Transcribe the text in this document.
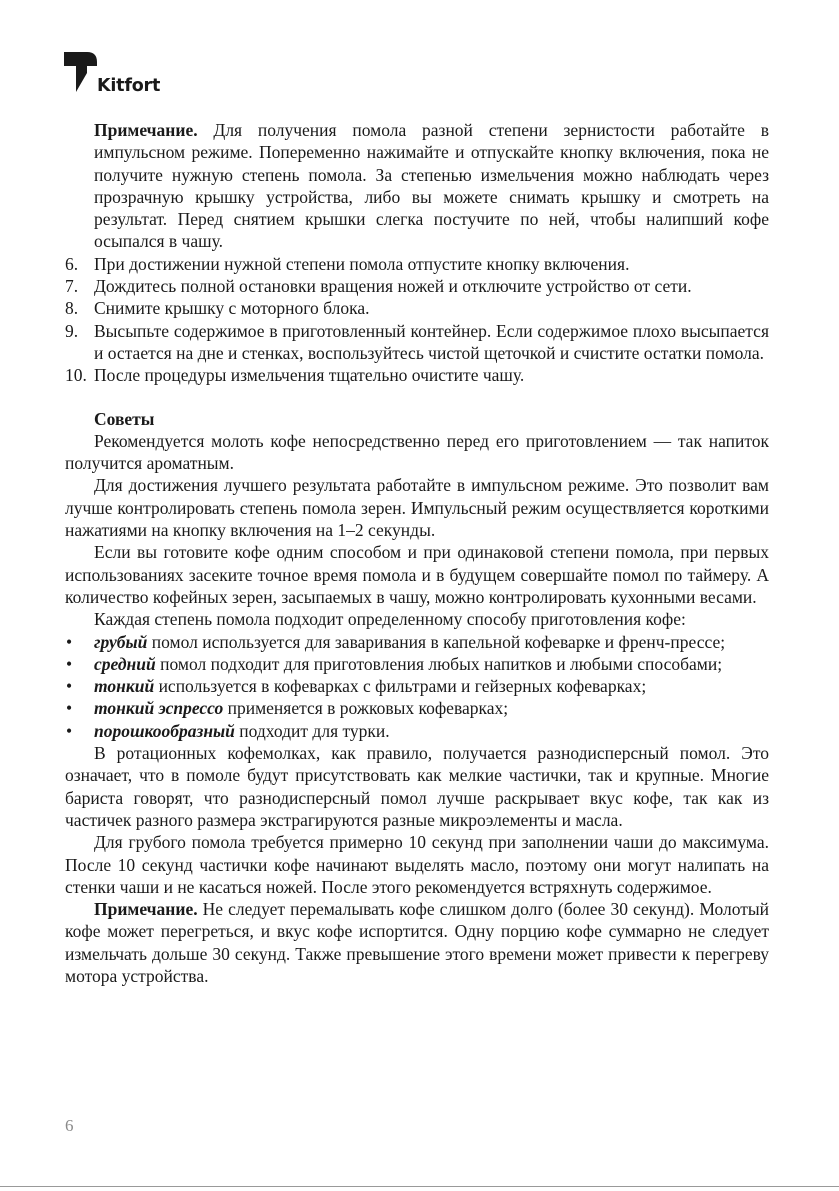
Kitfort

Примечание. Для получения помола разной степени зернистости работайте в импульсном режиме. Попеременно нажимайте и отпускайте кнопку включения, пока не получите нужную степень помола. За степенью измельчения можно наблюдать через прозрачную крышку устройства, либо вы можете снимать крышку и смотреть на результат. Перед снятием крышки слегка постучите по ней, чтобы налипший кофе осыпался в чашу.

6. При достижении нужной степени помола отпустите кнопку включения.
7. Дождитесь полной остановки вращения ножей и отключите устройство от сети.
8. Снимите крышку с моторного блока.
9. Высыпьте содержимое в приготовленный контейнер. Если содержимое плохо высыпается и остается на дне и стенках, воспользуйтесь чистой щеточкой и счистите остатки помола.
10. После процедуры измельчения тщательно очистите чашу.

Советы

Рекомендуется молоть кофе непосредственно перед его приготовлением — так напиток получится ароматным.

Для достижения лучшего результата работайте в импульсном режиме. Это позволит вам лучше контролировать степень помола зерен. Импульсный режим осуществляется короткими нажатиями на кнопку включения на 1–2 секунды.

Если вы готовите кофе одним способом и при одинаковой степени помола, при первых использованиях засеките точное время помола и в будущем совершайте помол по таймеру. А количество кофейных зерен, засыпаемых в чашу, можно контролировать кухонными весами.

Каждая степень помола подходит определенному способу приготовления кофе:

• грубый помол используется для заваривания в капельной кофеварке и френч-прессе;
• средний помол подходит для приготовления любых напитков и любыми способами;
• тонкий используется в кофеварках с фильтрами и гейзерных кофеварках;
• тонкий эспрессо применяется в рожковых кофеварках;
• порошкообразный подходит для турки.

В ротационных кофемолках, как правило, получается разнодисперсный помол. Это означает, что в помоле будут присутствовать как мелкие частички, так и крупные. Многие бариста говорят, что разнодисперсный помол лучше раскрывает вкус кофе, так как из частичек разного размера экстрагируются разные микроэлементы и масла.

Для грубого помола требуется примерно 10 секунд при заполнении чаши до максимума. После 10 секунд частички кофе начинают выделять масло, поэтому они могут налипать на стенки чаши и не касаться ножей. После этого рекомендуется встряхнуть содержимое.

Примечание. Не следует перемалывать кофе слишком долго (более 30 секунд). Молотый кофе может перегреться, и вкус кофе испортится. Одну порцию кофе суммарно не следует измельчать дольше 30 секунд. Также превышение этого времени может привести к перегреву мотора устройства.

6
